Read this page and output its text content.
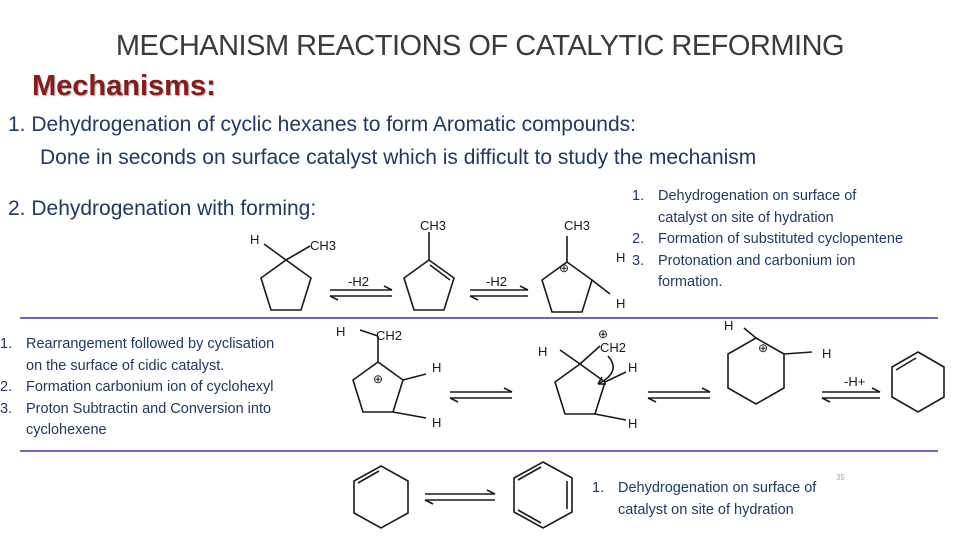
MECHANISM REACTIONS OF CATALYTIC REFORMING
Mechanisms:
1. Dehydrogenation of cyclic hexanes to form Aromatic compounds:
Done in seconds on surface catalyst which is difficult to study the mechanism
2. Dehydrogenation with forming:
1. Dehydrogenation on surface of
catalyst on site of hydration
2. Formation of substituted cyclopentene
3. Protonation and carbonium ion
formation.
1. Rearrangement followed by cyclisation
on the surface of cidic catalyst.
2. Formation carbonium ion of cyclohexyl
3. Proton Subtractin and Conversion into
cyclohexene
1. Dehydrogenation on surface of
catalyst on site of hydration
35
H	CH3
-H2
CH3
-H2
CH3
⊕
H
H
H CH2
⊕
H
H
H
⊕
CH2
H
H
H
⊕	H
-H+
